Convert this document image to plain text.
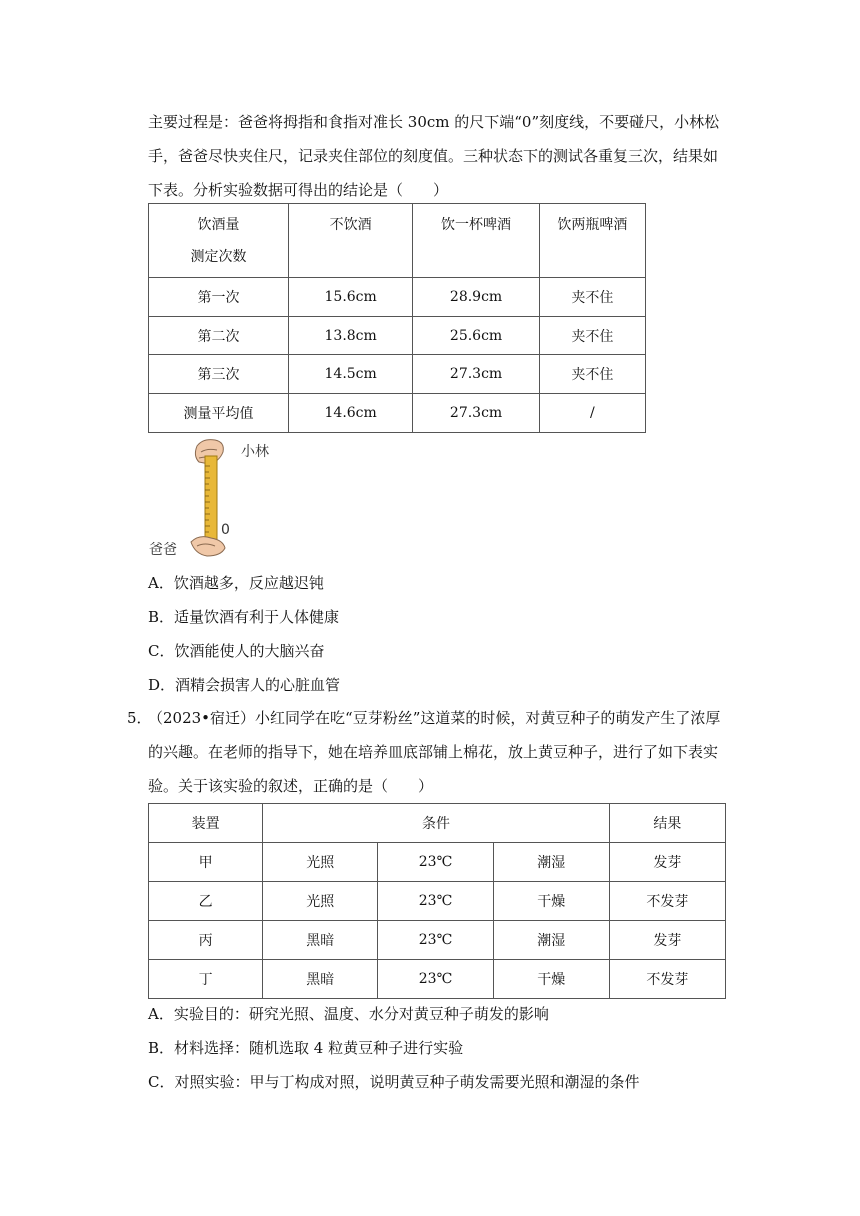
主要过程是：爸爸将拇指和食指对准长 30cm 的尺下端“0”刻度线，不要碰尺，小林松

手，爸爸尽快夹住尺，记录夹住部位的刻度值。三种状态下的测试各重复三次，结果如

下表。分析实验数据可得出的结论是（　　）

饮酒量
测定次数	不饮酒	饮一杯啤酒	饮两瓶啤酒
第一次	15.6cm	28.9cm	夹不住
第二次	13.8cm	25.6cm	夹不住
第三次	14.5cm	27.3cm	夹不住
测量平均值	14.6cm	27.3cm	/
小林
爸爸
0

A．饮酒越多，反应越迟钝

B．适量饮酒有利于人体健康

C．饮酒能使人的大脑兴奋

D．酒精会损害人的心脏血管

5．

（2023•宿迁）小红同学在吃“豆芽粉丝”这道菜的时候，对黄豆种子的萌发产生了浓厚

的兴趣。在老师的指导下，她在培养皿底部铺上棉花，放上黄豆种子，进行了如下表实

验。关于该实验的叙述，正确的是（　　）

装置	条件			结果
甲	光照	23℃	潮湿	发芽
乙	光照	23℃	干燥	不发芽
丙	黑暗	23℃	潮湿	发芽
丁	黑暗	23℃	干燥	不发芽

A．实验目的：研究光照、温度、水分对黄豆种子萌发的影响

B．材料选择：随机选取 4 粒黄豆种子进行实验

C．对照实验：甲与丁构成对照，说明黄豆种子萌发需要光照和潮湿的条件
